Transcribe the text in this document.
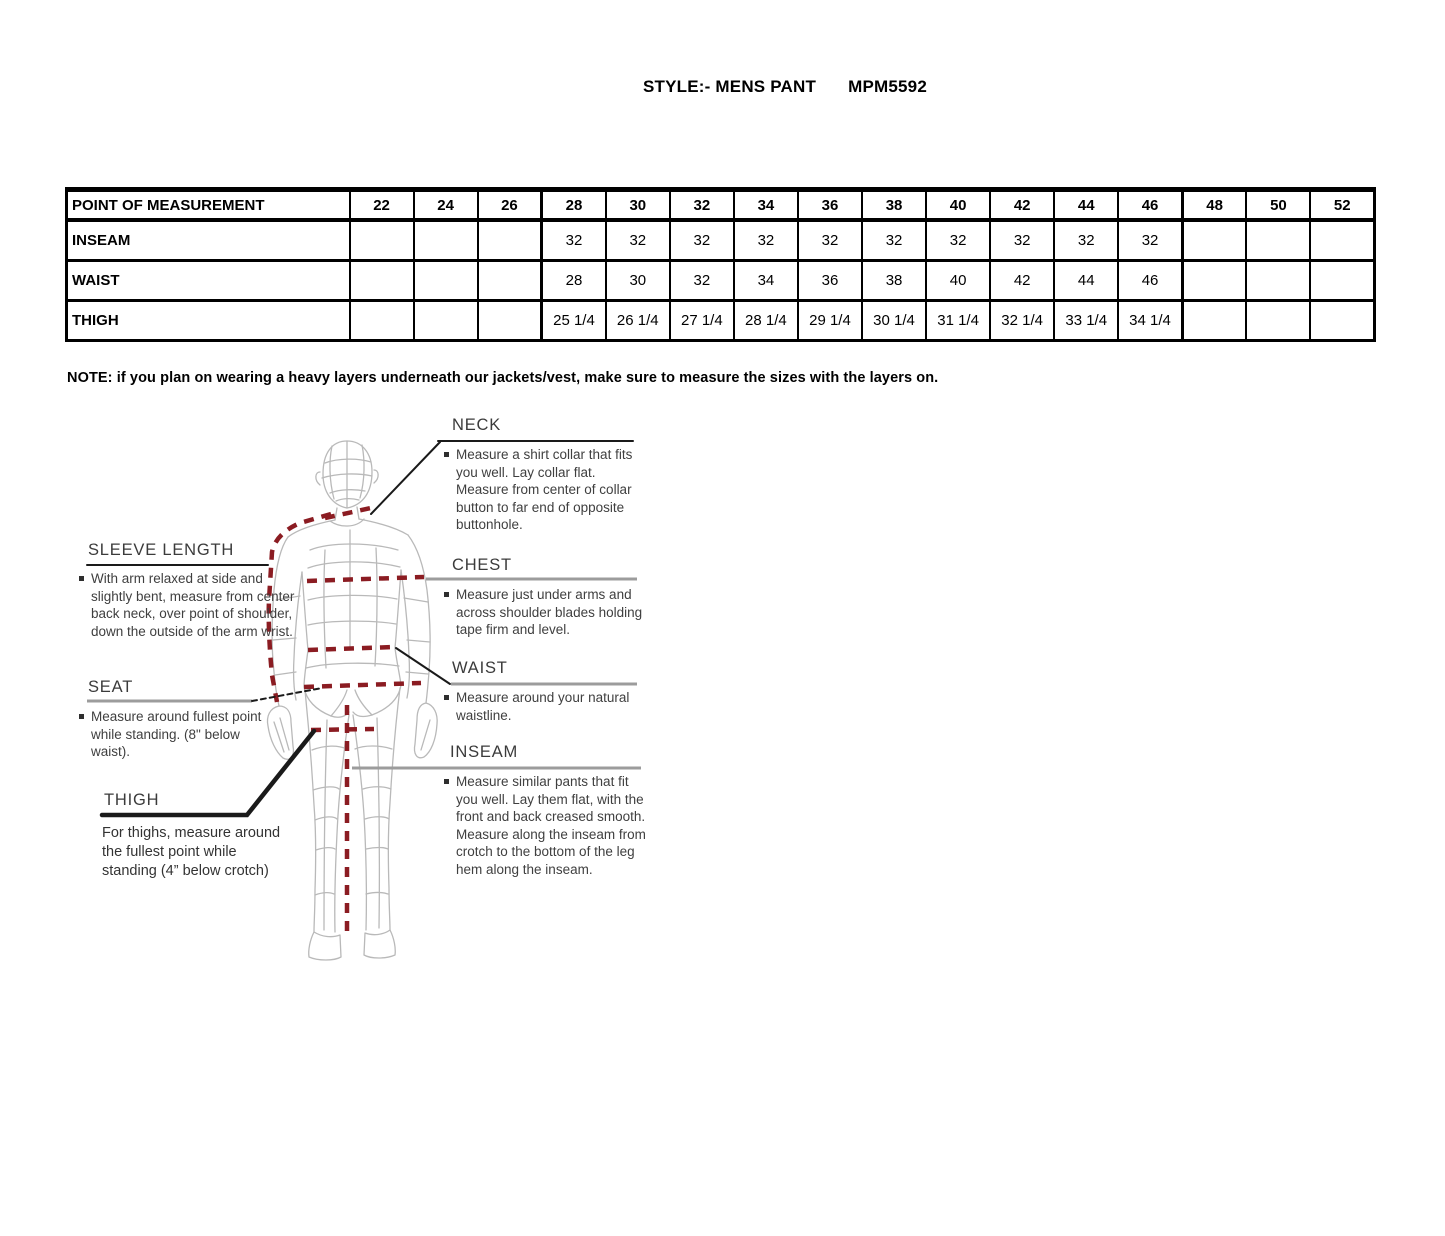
STYLE:- MENS PANT MPM5592
POINT OF MEASUREMENT	22	24	26	28	30	32	34	36	38	40	42	44	46	48	50	52
INSEAM				32	32	32	32	32	32	32	32	32	32			
WAIST				28	30	32	34	36	38	40	42	44	46			
THIGH				25 1/4	26 1/4	27 1/4	28 1/4	29 1/4	30 1/4	31 1/4	32 1/4	33 1/4	34 1/4			
NOTE: if you plan on wearing a heavy layers underneath our jackets/vest, make sure to measure the sizes with the layers on.
NECK
Measure a shirt collar that fits you well. Lay collar flat. Measure from center of collar button to far end of opposite buttonhole.
CHEST
Measure just under arms and across shoulder blades holding tape firm and level.
WAIST
Measure around your natural waistline.
INSEAM
Measure similar pants that fit you well. Lay them flat, with the front and back creased smooth. Measure along the inseam from crotch to the bottom of the leg hem along the inseam.
SLEEVE LENGTH
With arm relaxed at side and slightly bent, measure from center back neck, over point of shoulder, down the outside of the arm wrist.
SEAT
Measure around fullest point while standing. (8" below waist).
THIGH
For thighs, measure around the fullest point while standing (4” below crotch)
